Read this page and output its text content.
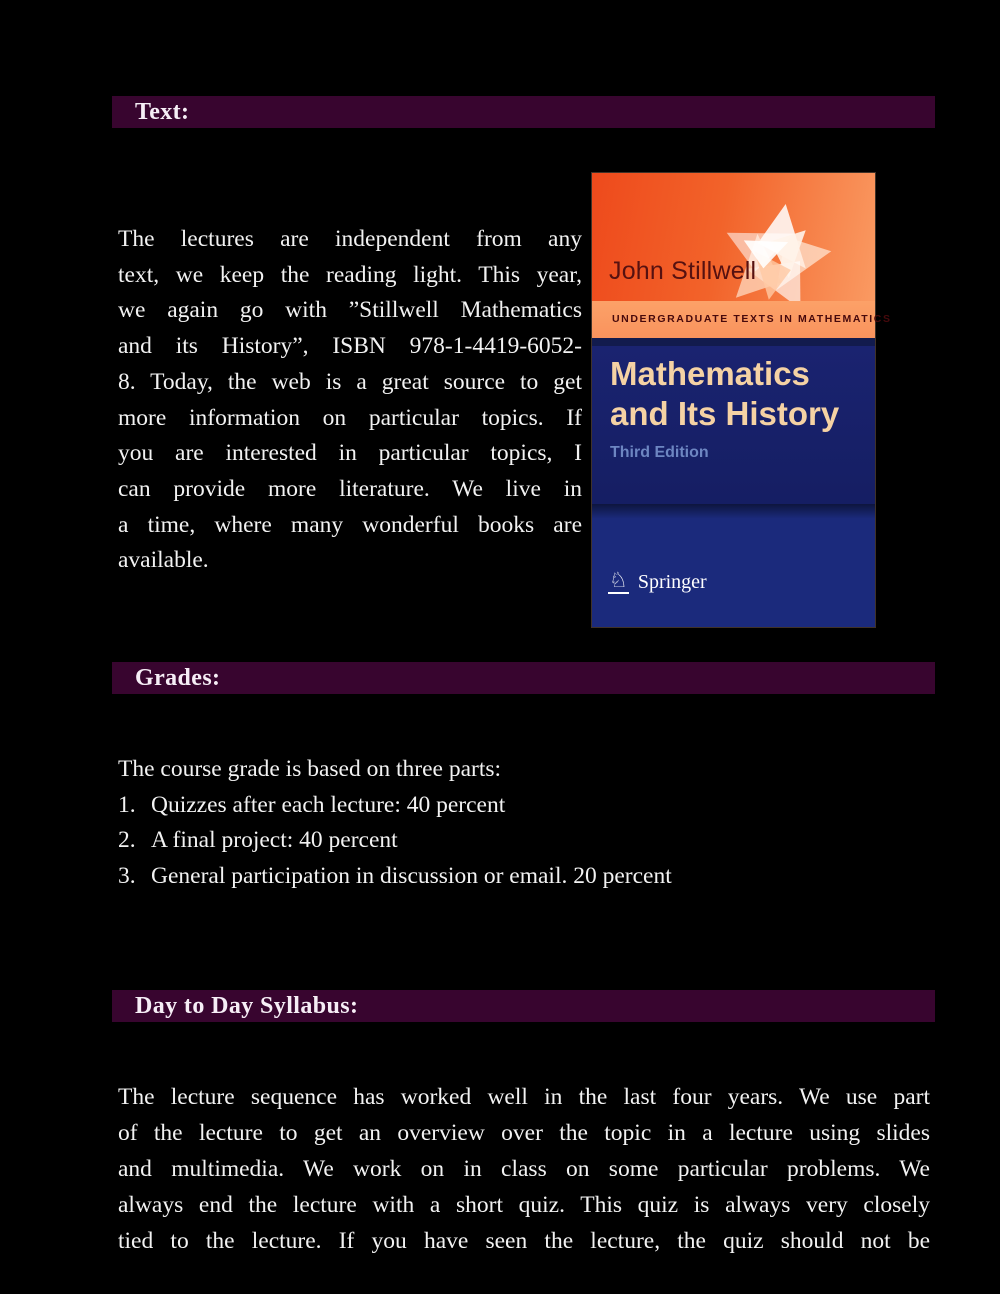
Text:
The lectures are independent from any
text, we keep the reading light. This year,
we again go with ”Stillwell Mathematics
and its History”, ISBN 978-1-4419-6052-
8. Today, the web is a great source to get
more information on particular topics. If
you are interested in particular topics, I
can provide more literature. We live in
a time, where many wonderful books are
available.
John Stillwell
UNDERGRADUATE TEXTS IN MATHEMATICS
Mathematics
and Its History
Third Edition
♘ Springer
Grades:
The course grade is based on three parts:
1. Quizzes after each lecture: 40 percent
2. A final project: 40 percent
3. General participation in discussion or email. 20 percent
Day to Day Syllabus:
The lecture sequence has worked well in the last four years. We use part
of the lecture to get an overview over the topic in a lecture using slides
and multimedia. We work on in class on some particular problems. We
always end the lecture with a short quiz. This quiz is always very closely
tied to the lecture. If you have seen the lecture, the quiz should not be
